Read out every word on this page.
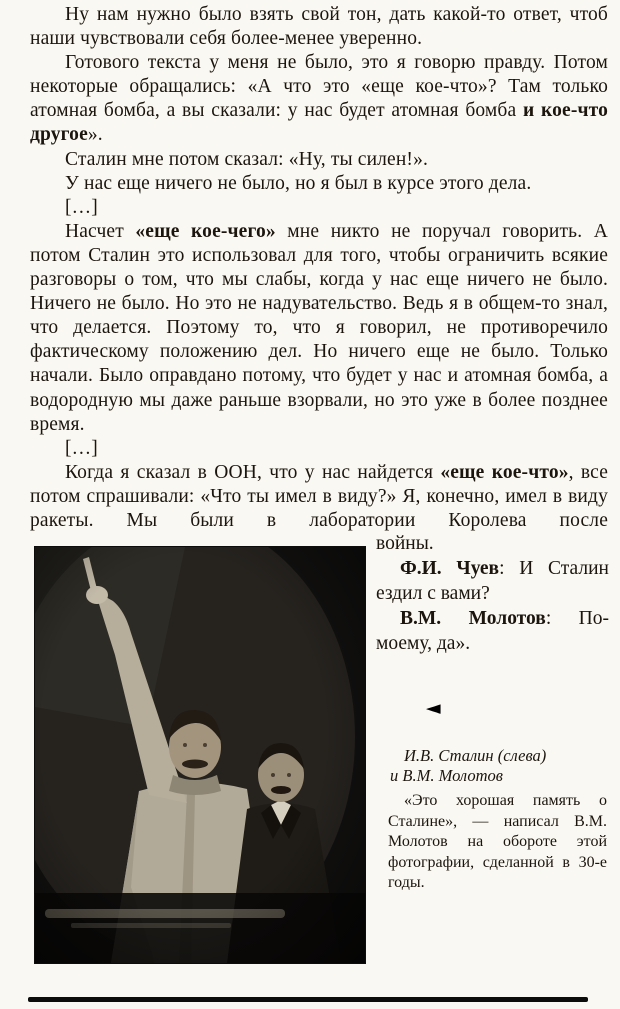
Ну нам нужно было взять свой тон, дать какой-то ответ, чтоб наши чувствовали себя более-менее уверенно.

Готового текста у меня не было, это я говорю правду. Потом некоторые обращались: «А что это «еще кое-что»? Там только атомная бомба, а вы сказали: у нас будет атомная бомба и кое-что другое».

Сталин мне потом сказал: «Ну, ты силен!».

У нас еще ничего не было, но я был в курсе этого дела.

[…]

Насчет «еще кое-чего» мне никто не поручал говорить. А потом Сталин это использовал для того, чтобы ограничить всякие разговоры о том, что мы слабы, когда у нас еще ничего не было. Ничего не было. Но это не надувательство. Ведь я в общем-то знал, что делается. Поэтому то, что я говорил, не противоречило фактическому положению дел. Но ничего еще не было. Только начали. Было оправдано потому, что будет у нас и атомная бомба, а водородную мы даже раньше взорвали, но это уже в более позднее время.

[…]

Когда я сказал в ООН, что у нас найдется «еще кое-что», все потом спрашивали: «Что ты имел в виду?» Я, конечно, имел в виду ракеты. Мы были в лаборатории Королева после

войны.

Ф.И. Чуев: И Сталин ездил с вами?

В.М. Молотов: По-моему, да».

◄
И.В. Сталин (слева)
и В.М. Молотов

«Это хорошая память о Сталине», — написал В.М. Молотов на обороте этой фотографии, сделанной в 30-е годы.
